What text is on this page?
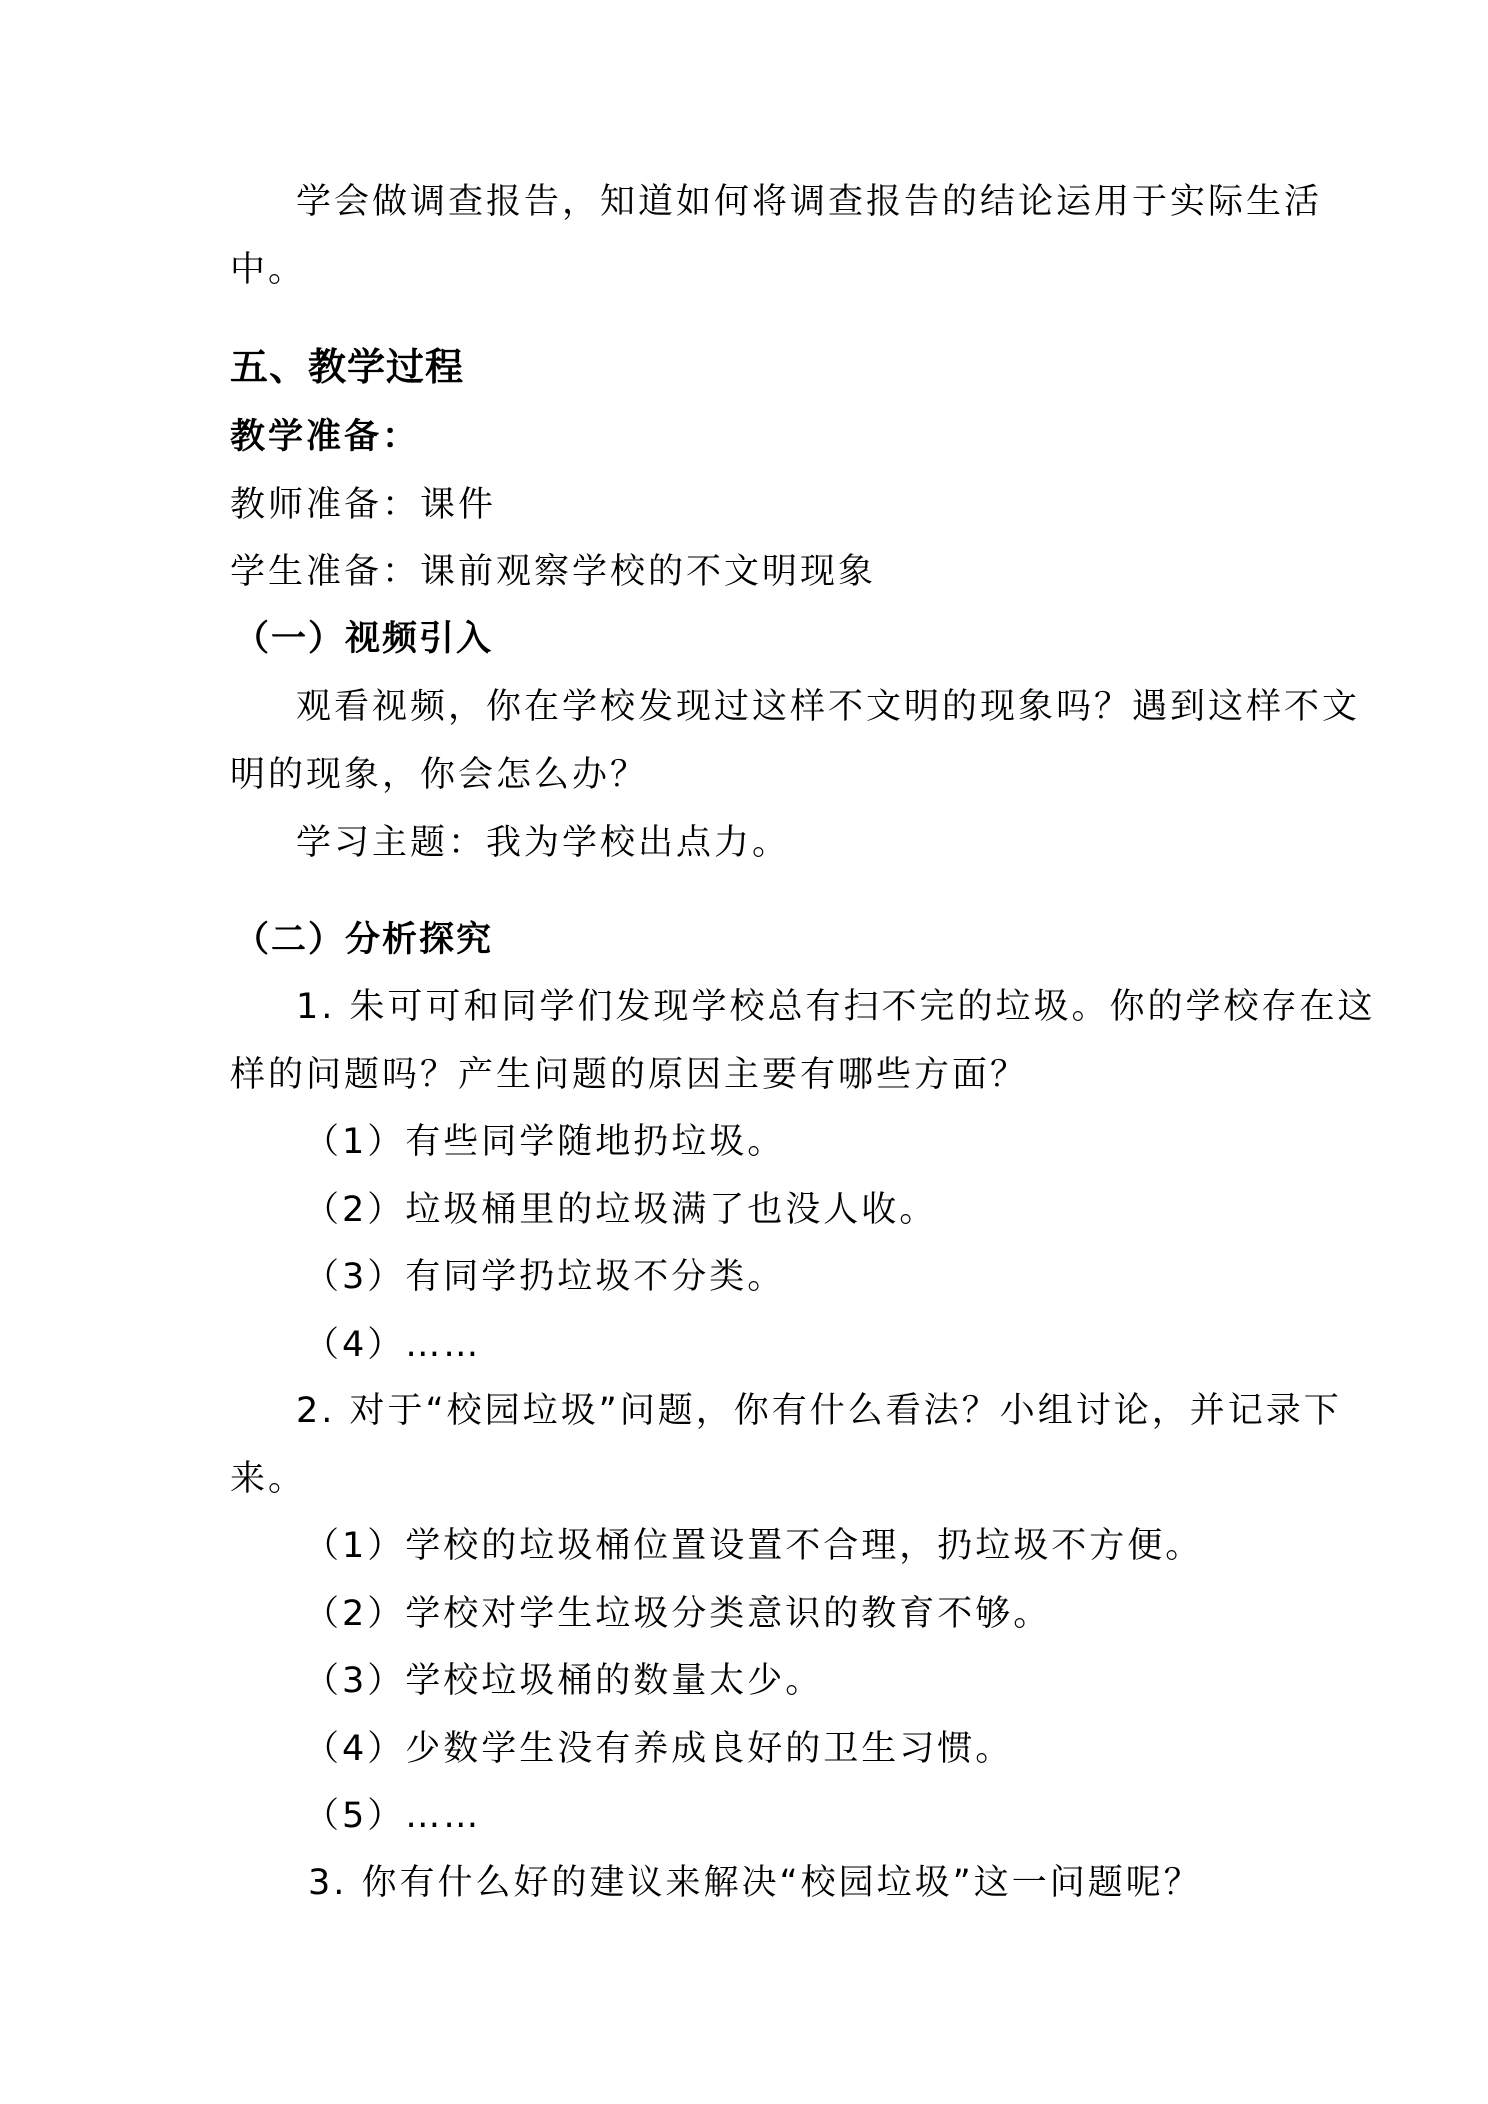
学会做调查报告，知道如何将调查报告的结论运用于实际生活
中。
五、教学过程
教学准备：
教师准备：课件
学生准备：课前观察学校的不文明现象
（一）视频引入
观看视频，你在学校发现过这样不文明的现象吗？遇到这样不文
明的现象，你会怎么办？
学习主题：我为学校出点力。
（二）分析探究
1. 朱可可和同学们发现学校总有扫不完的垃圾。你的学校存在这
样的问题吗？产生问题的原因主要有哪些方面？
（1）有些同学随地扔垃圾。
（2）垃圾桶里的垃圾满了也没人收。
（3）有同学扔垃圾不分类。
（4）……
2. 对于“校园垃圾”问题，你有什么看法？小组讨论，并记录下
来。
（1）学校的垃圾桶位置设置不合理，扔垃圾不方便。
（2）学校对学生垃圾分类意识的教育不够。
（3）学校垃圾桶的数量太少。
（4）少数学生没有养成良好的卫生习惯。
（5）……
3. 你有什么好的建议来解决“校园垃圾”这一问题呢？
